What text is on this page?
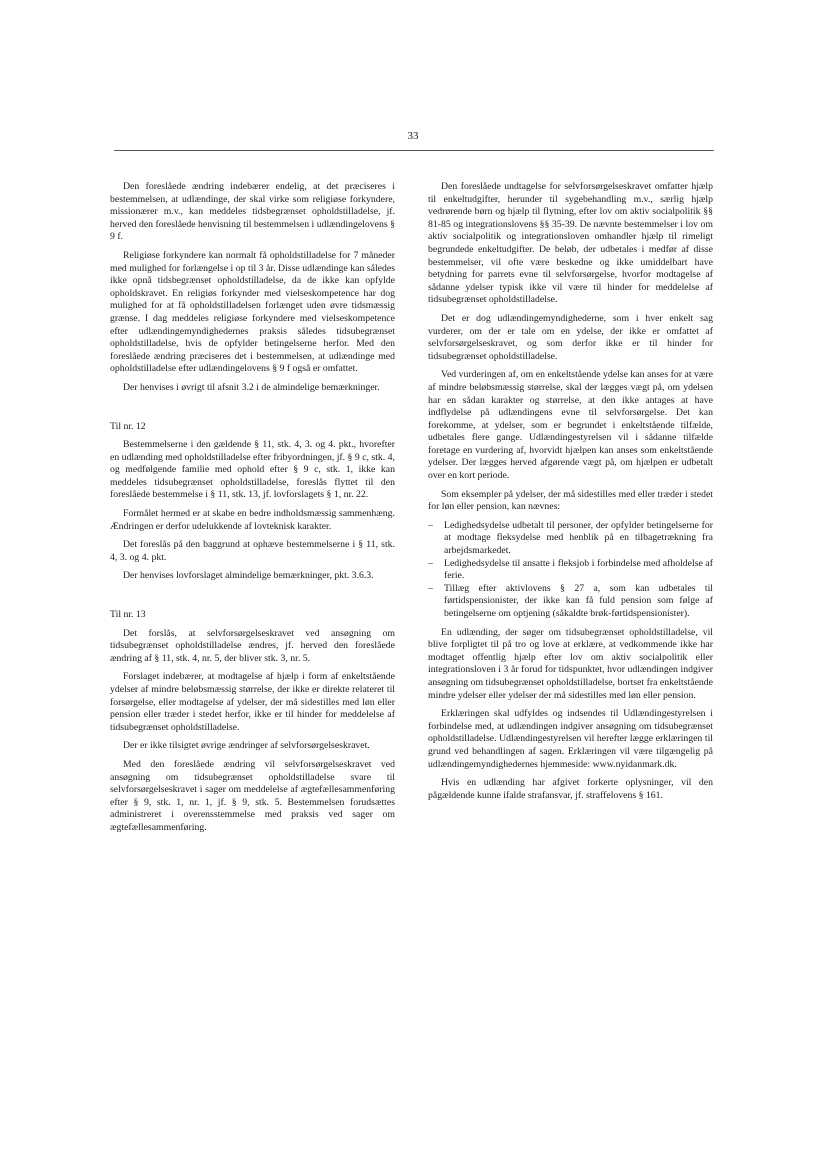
33

Den foreslåede ændring indebærer endelig, at det præciseres i bestemmelsen, at udlændinge, der skal virke som religiøse forkyndere, missionærer m.v., kan meddeles tidsbegrænset opholdstilladelse, jf. herved den foreslåede henvisning til bestemmelsen i udlændingelovens § 9 f.

Religiøse forkyndere kan normalt få opholdstilladelse for 7 måneder med mulighed for forlængelse i op til 3 år. Disse udlændinge kan således ikke opnå tidsbegrænset opholdstilladelse, da de ikke kan opfylde opholdskravet. En religiøs forkynder med vielseskompetence har dog mulighed for at få opholdstilladelsen forlænget uden øvre tidsmæssig grænse. I dag meddeles religiøse forkyndere med vielseskompetence efter udlændingemyndighedernes praksis således tidsubegrænset opholdstilladelse, hvis de opfylder betingelserne herfor. Med den foreslåede ændring præciseres det i bestemmelsen, at udlændinge med opholdstilladelse efter udlændingelovens § 9 f også er omfattet.

Der henvises i øvrigt til afsnit 3.2 i de almindelige bemærkninger.

Til nr. 12

Bestemmelserne i den gældende § 11, stk. 4, 3. og 4. pkt., hvorefter en udlænding med opholdstilladelse efter fribyordningen, jf. § 9 c, stk. 4, og medfølgende familie med ophold efter § 9 c, stk. 1, ikke kan meddeles tidsubegrænset opholdstilladelse, foreslås flyttet til den foreslåede bestemmelse i § 11, stk. 13, jf. lovforslagets § 1, nr. 22.

Formålet hermed er at skabe en bedre indholdsmæssig sammenhæng. Ændringen er derfor udelukkende af lovteknisk karakter.

Det foreslås på den baggrund at ophæve bestemmelserne i § 11, stk. 4, 3. og 4. pkt.

Der henvises lovforslaget almindelige bemærkninger, pkt. 3.6.3.

Til nr. 13

Det forslås, at selvforsørgelseskravet ved ansøgning om tidsubegrænset opholdstilladelse ændres, jf. herved den foreslåede ændring af § 11, stk. 4, nr. 5, der bliver stk. 3, nr. 5.

Forslaget indebærer, at modtagelse af hjælp i form af enkeltstående ydelser af mindre beløbsmæssig størrelse, der ikke er direkte relateret til forsørgelse, eller modtagelse af ydelser, der må sidestilles med løn eller pension eller træder i stedet herfor, ikke er til hinder for meddelelse af tidsubegrænset opholdstilladelse.

Der er ikke tilsigtet øvrige ændringer af selvforsørgelseskravet.

Med den foreslåede ændring vil selvforsørgelseskravet ved ansøgning om tidsubegrænset opholdstilladelse svare til selvforsørgelseskravet i sager om meddelelse af ægtefællesammenføring efter § 9, stk. 1, nr. 1, jf. § 9, stk. 5. Bestemmelsen forudsættes administreret i overensstemmelse med praksis ved sager om ægtefællesammenføring.

Den foreslåede undtagelse for selvforsørgelseskravet omfatter hjælp til enkeltudgifter, herunder til sygebehandling m.v., særlig hjælp vedrørende børn og hjælp til flytning, efter lov om aktiv socialpolitik §§ 81-85 og integrationslovens §§ 35-39. De nævnte bestemmelser i lov om aktiv socialpolitik og integrationsloven omhandler hjælp til rimeligt begrundede enkeltudgifter. De beløb, der udbetales i medfør af disse bestemmelser, vil ofte være beskedne og ikke umiddelbart have betydning for parrets evne til selvforsørgelse, hvorfor modtagelse af sådanne ydelser typisk ikke vil være til hinder for meddelelse af tidsubegrænset opholdstilladelse.

Det er dog udlændingemyndighederne, som i hver enkelt sag vurderer, om der er tale om en ydelse, der ikke er omfattet af selvforsørgelseskravet, og som derfor ikke er til hinder for tidsubegrænset opholdstilladelse.

Ved vurderingen af, om en enkeltstående ydelse kan anses for at være af mindre beløbsmæssig størrelse, skal der lægges vægt på, om ydelsen har en sådan karakter og størrelse, at den ikke antages at have indflydelse på udlændingens evne til selvforsørgelse. Det kan forekomme, at ydelser, som er begrundet i enkeltstående tilfælde, udbetales flere gange. Udlændingestyrelsen vil i sådanne tilfælde foretage en vurdering af, hvorvidt hjælpen kan anses som enkeltstående ydelser. Der lægges herved afgørende vægt på, om hjælpen er udbetalt over en kort periode.

Som eksempler på ydelser, der må sidestilles med eller træder i stedet for løn eller pension, kan nævnes:

– Ledighedsydelse udbetalt til personer, der opfylder betingelserne for at modtage fleksydelse med henblik på en tilbagetrækning fra arbejdsmarkedet.
– Ledighedsydelse til ansatte i fleksjob i forbindelse med afholdelse af ferie.
– Tillæg efter aktivlovens § 27 a, som kan udbetales til førtidspensionister, der ikke kan få fuld pension som følge af betingelserne om optjening (såkaldte brøk-førtidspensionister).

En udlænding, der søger om tidsubegrænset opholdstilladelse, vil blive forpligtet til på tro og love at erklære, at vedkommende ikke har modtaget offentlig hjælp efter lov om aktiv socialpolitik eller integrationsloven i 3 år forud for tidspunktet, hvor udlændingen indgiver ansøgning om tidsubegrænset opholdstilladelse, bortset fra enkeltstående mindre ydelser eller ydelser der må sidestilles med løn eller pension.

Erklæringen skal udfyldes og indsendes til Udlændingestyrelsen i forbindelse med, at udlændingen indgiver ansøgning om tidsubegrænset opholdstilladelse. Udlændingestyrelsen vil herefter lægge erklæringen til grund ved behandlingen af sagen. Erklæringen vil være tilgængelig på udlændingemyndighedernes hjemmeside: www.nyidanmark.dk.

Hvis en udlænding har afgivet forkerte oplysninger, vil den pågældende kunne ifalde strafansvar, jf. straffelovens § 161.
